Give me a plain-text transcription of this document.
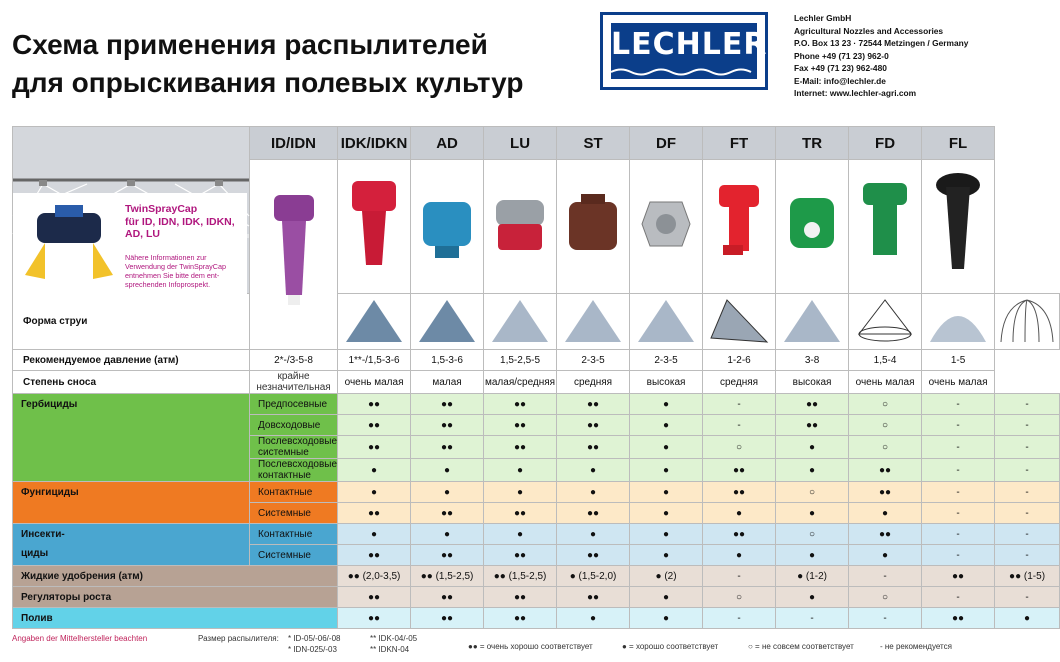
Схема применения распылителей
для опрыскивания полевых культур
LECHLER
Lechler GmbH
Agricultural Nozzles and Accessories
P.O. Box 13 23 · 72544 Metzingen / Germany
Phone +49 (71 23) 962-0
Fax +49 (71 23) 962-480
E-Mail: info@lechler.de
Internet: www.lechler-agri.com
	ID/IDN	IDK/IDKN	AD	LU	ST	DF	FT	TR	FD	FL	

Форма струи										
Рекомендуемое давление (атм)	2*-/3-5-8	1**-/1,5-3-6	1,5-3-6	1,5-2,5-5	2-3-5	2-3-5	1-2-6	3-8	1,5-4	1-5	
Степень сноса	крайне незначительная	очень малая	малая	малая/средняя	средняя	высокая	средняя	высокая	очень малая	очень малая	
Гербициды	Предпосевные	●●	●●	●●	●●	●	-	●●	○	-	-
	Довсходовые	●●	●●	●●	●●	●	-	●●	○	-	-
	Послевсходовые системные	●●	●●	●●	●●	●	○	●	○	-	-
	Послевсходовые контактные	●	●	●	●	●	●●	●	●●	-	-
Фунгициды	Контактные	●	●	●	●	●	●●	○	●●	-	-
	Системные	●●	●●	●●	●●	●	●	●	●	-	-

Инсекти-
циды	Контактные	●	●	●	●	●	●●	○	●●	-	-
	Системные	●●	●●	●●	●●	●	●	●	●	-	-
Жидкие удобрения (атм)		●● (2,0-3,5)	●● (1,5-2,5)	●● (1,5-2,5)	● (1,5-2,0)	● (2)	-	● (1-2)	-	●●	●● (1-5)
Регуляторы роста		●●	●●	●●	●●	●	○	●	○	-	-
Полив		●●	●●	●●	●	●	-	-	-	●●	●
Angaben der Mittelhersteller beachten	Размер распылителя: * ID-05/-06/-08
* IDN-025/-03
** IDK-04/-05
** IDKN-04	●● = очень хорошо соответствует	● = хорошо соответствует	○ = не совсем соответствует	- не рекомендуется
TwinSprayCap
für ID, IDN, IDK, IDKN,
AD, LU
Nähere Informationen zur
Verwendung der TwinSprayCap
entnehmen Sie bitte dem ent-
sprechenden Infoprospekt.
